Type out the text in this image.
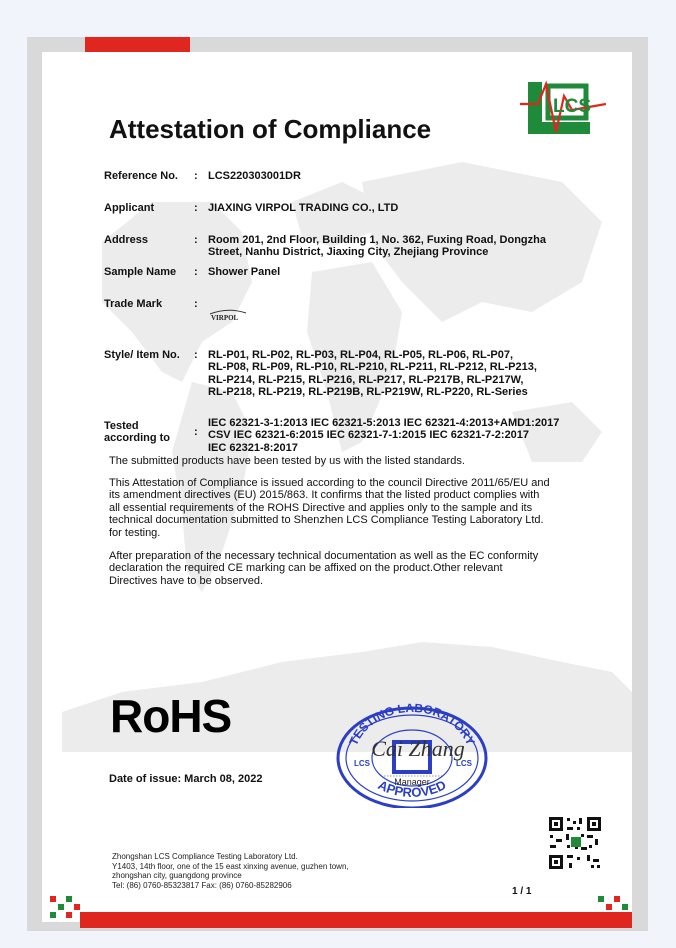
LCS
Attestation of Compliance
Reference No. : LCS220303001DR
Applicant	: JIAXING VIRPOL TRADING CO., LTD
Address	: Room 201, 2nd Floor, Building 1, No. 362, Fuxing Road, Dongzha
Street, Nanhu District, Jiaxing City, Zhejiang Province
Sample Name : Shower Panel
Trade Mark	:
VIRPOL
Style/ Item No. : RL-P01, RL-P02, RL-P03, RL-P04, RL-P05, RL-P06, RL-P07,
RL-P08, RL-P09, RL-P10, RL-P210, RL-P211, RL-P212, RL-P213,
RL-P214, RL-P215, RL-P216, RL-P217, RL-P217B, RL-P217W,
RL-P218, RL-P219, RL-P219B, RL-P219W, RL-P220, RL-Series
Tested
according to :
IEC 62321-3-1:2013 IEC 62321-5:2013 IEC 62321-4:2013+AMD1:2017
CSV IEC 62321-6:2015 IEC 62321-7-1:2015 IEC 62321-7-2:2017
IEC 62321-8:2017
The submitted products have been tested by us with the listed standards.
This Attestation of Compliance is issued according to the council Directive 2011/65/EU and
its amendment directives (EU) 2015/863. It confirms that the listed product complies with
all essential requirements of the ROHS Directive and applies only to the sample and its
technical documentation submitted to Shenzhen LCS Compliance Testing Laboratory Ltd.
for testing.
After preparation of the necessary technical documentation as well as the EC conformity
declaration the required CE marking can be affixed on the product.Other relevant
Directives have to be observed.
RoHS
Date of issue: March 08, 2022
TESTING LABORATORY
APPROVED
LCS	LCS
Manager
Cai Zhang
Zhongshan LCS Compliance Testing Laboratory Ltd.
Y1403, 14th floor, one of the 15 east xinxing avenue, guzhen town,
zhongshan city, guangdong province
Tel: (86) 0760-85323817 Fax: (86) 0760-85282906
1 / 1
